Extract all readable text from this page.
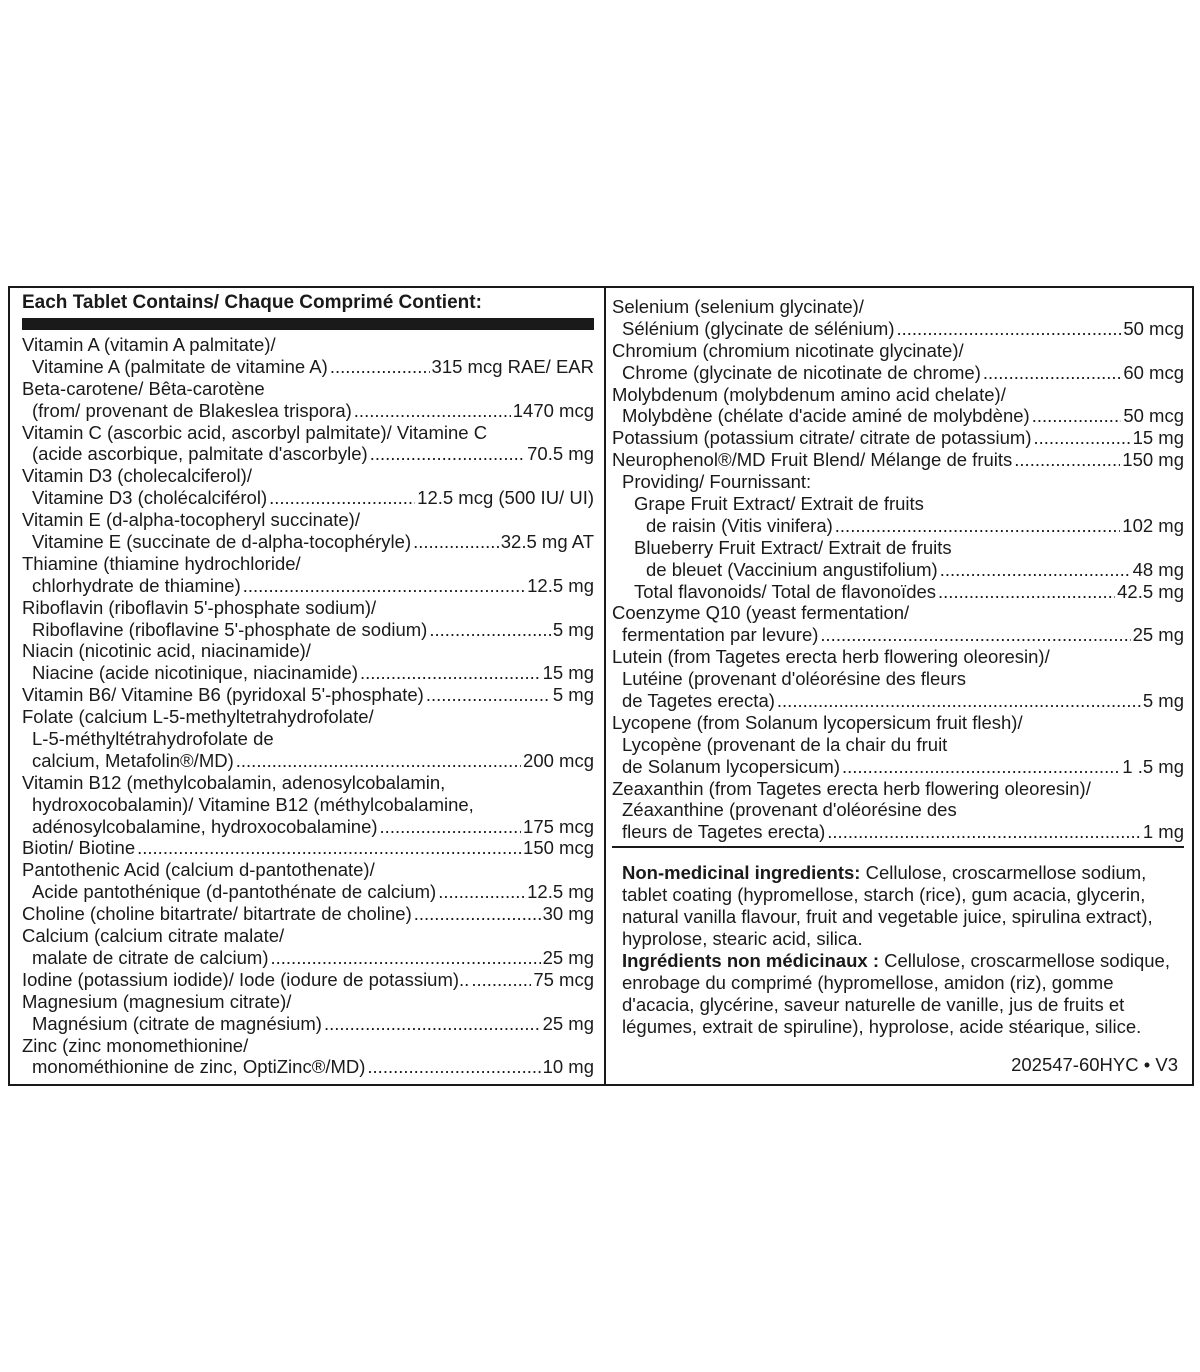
Each Tablet Contains/ Chaque Comprimé Contient:
Vitamin A (vitamin A palmitate)/
Vitamine A (palmitate de vitamine A) .....	315 mcg RAE/ EAR
Beta-carotene/ Bêta-carotène
(from/ provenant de Blakeslea trispora) .....	1470 mcg
Vitamin C (ascorbic acid, ascorbyl palmitate)/ Vitamine C
(acide ascorbique, palmitate d'ascorbyle) .....	70.5 mg
Vitamin D3 (cholecalciferol)/
Vitamine D3 (cholécalciférol) .....	12.5 mcg (500 IU/ UI)
Vitamin E (d-alpha-tocopheryl succinate)/
Vitamine E (succinate de d-alpha-tocophéryle) .....	32.5 mg AT
Thiamine (thiamine hydrochloride/
chlorhydrate de thiamine) .....	12.5 mg
Riboflavin (riboflavin 5'-phosphate sodium)/
Riboflavine (riboflavine 5'-phosphate de sodium) .....	5 mg
Niacin (nicotinic acid, niacinamide)/
Niacine (acide nicotinique, niacinamide) .....	15 mg
Vitamin B6/ Vitamine B6 (pyridoxal 5'-phosphate) .....	5 mg
Folate (calcium L-5-methyltetrahydrofolate/
L-5-méthyltétrahydrofolate de
calcium, Metafolin®/MD) .....	200 mcg
Vitamin B12 (methylcobalamin, adenosylcobalamin,
hydroxocobalamin)/ Vitamine B12 (méthylcobalamine,
adénosylcobalamine, hydroxocobalamine) .....	175 mcg
Biotin/ Biotine .....	150 mcg
Pantothenic Acid (calcium d-pantothenate)/
Acide pantothénique (d-pantothénate de calcium) .....	12.5 mg
Choline (choline bitartrate/ bitartrate de choline) .....	30 mg
Calcium (calcium citrate malate/
malate de citrate de calcium) .....	25 mg
Iodine (potassium iodide)/ Iode (iodure de potassium).. .....	75 mcg
Magnesium (magnesium citrate)/
Magnésium (citrate de magnésium) .....	25 mg
Zinc (zinc monomethionine/
monométhionine de zinc, OptiZinc®/MD) .....	10 mg
Selenium (selenium glycinate)/
Sélénium (glycinate de sélénium) .....	50 mcg
Chromium (chromium nicotinate glycinate)/
Chrome (glycinate de nicotinate de chrome) .....	60 mcg
Molybdenum (molybdenum amino acid chelate)/
Molybdène (chélate d'acide aminé de molybdène) .....	50 mcg
Potassium (potassium citrate/ citrate de potassium) .....	15 mg
Neurophenol®/MD Fruit Blend/ Mélange de fruits .....	150 mg
Providing/ Fournissant:
Grape Fruit Extract/ Extrait de fruits
de raisin (Vitis vinifera) .....	102 mg
Blueberry Fruit Extract/ Extrait de fruits
de bleuet (Vaccinium angustifolium) .....	48 mg
Total flavonoids/ Total de flavonoïdes .....	42.5 mg
Coenzyme Q10 (yeast fermentation/
fermentation par levure) .....	25 mg
Lutein (from Tagetes erecta herb flowering oleoresin)/
Lutéine (provenant d'oléorésine des fleurs
de Tagetes erecta) .....	5 mg
Lycopene (from Solanum lycopersicum fruit flesh)/
Lycopène (provenant de la chair du fruit
de Solanum lycopersicum) .....	1 .5 mg
Zeaxanthin (from Tagetes erecta herb flowering oleoresin)/
Zéaxanthine (provenant d'oléorésine des
fleurs de Tagetes erecta) .....	1 mg
Non-medicinal ingredients: Cellulose, croscarmellose sodium, tablet coating (hypromellose, starch (rice), gum acacia, glycerin, natural vanilla flavour, fruit and vegetable juice, spirulina extract), hyprolose, stearic acid, silica.
Ingrédients non médicinaux : Cellulose, croscarmellose sodique, enrobage du comprimé (hypromellose, amidon (riz), gomme d'acacia, glycérine, saveur naturelle de vanille, jus de fruits et légumes, extrait de spiruline), hyprolose, acide stéarique, silice.
202547-60HYC • V3
